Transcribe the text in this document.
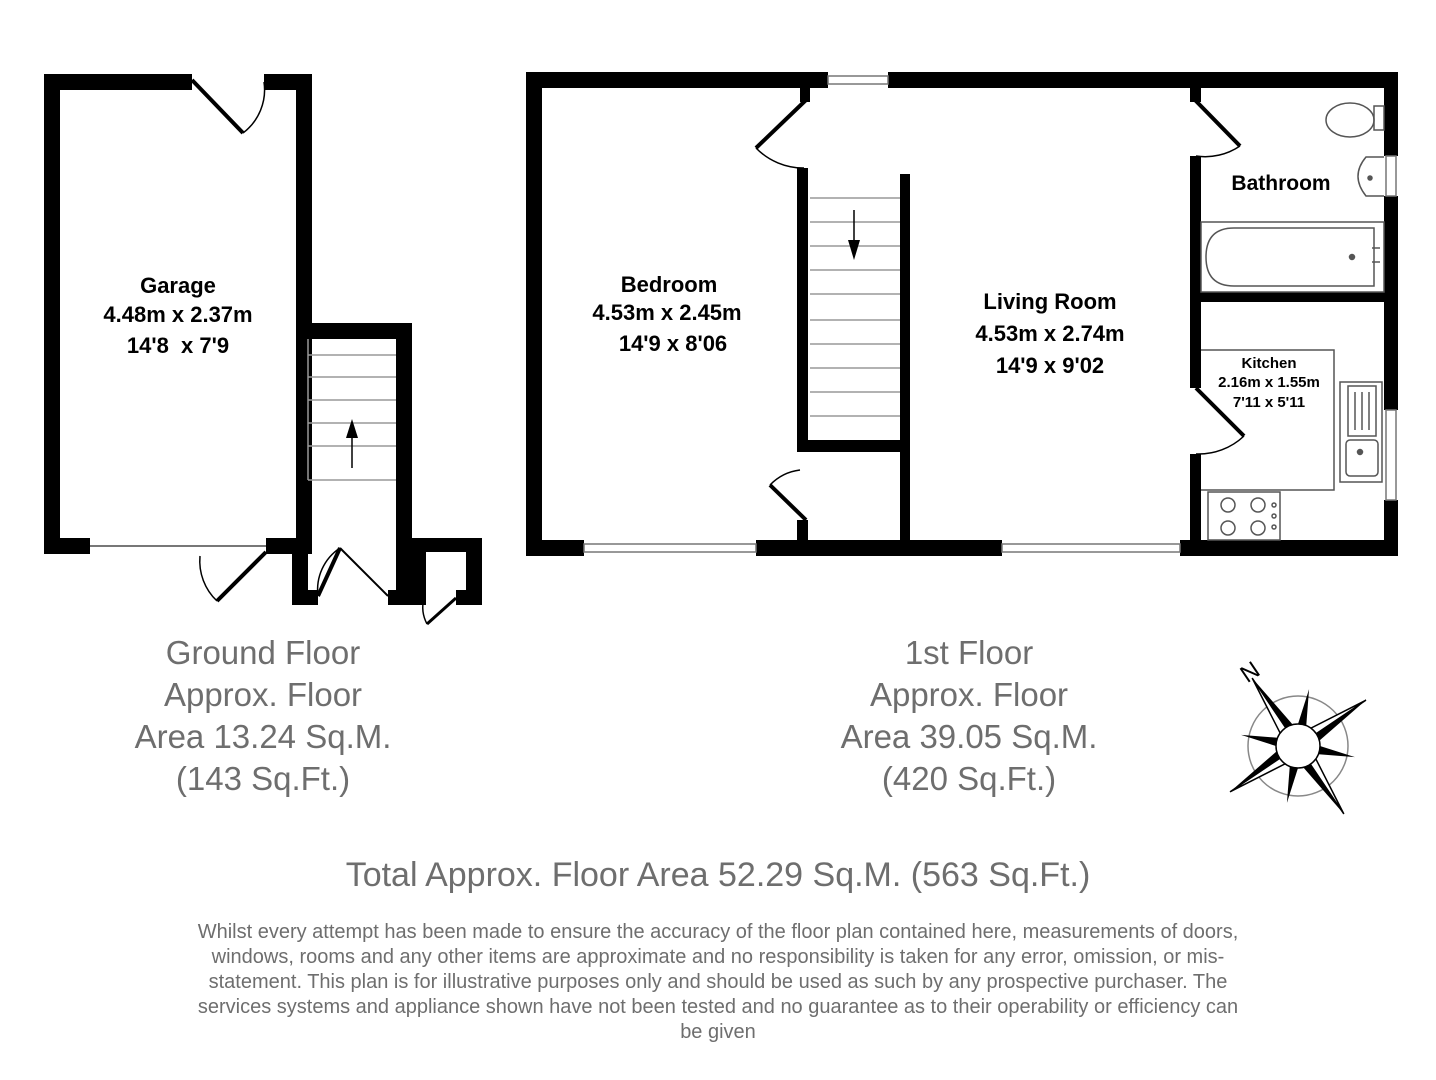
Garage
4.48m x 2.37m
14'8  x 7'9
Bedroom
4.53m x 2.45m
14'9 x 8'06
Living Room
4.53m x 2.74m
14'9 x 9'02
Bathroom
Kitchen
2.16m x 1.55m
7'11 x 5'11
N
Ground Floor
Approx. Floor
Area 13.24 Sq.M.
(143 Sq.Ft.)
1st Floor
Approx. Floor
Area 39.05 Sq.M.
(420 Sq.Ft.)
Total Approx. Floor Area 52.29 Sq.M. (563 Sq.Ft.)
Whilst every attempt has been made to ensure the accuracy of the floor plan contained here, measurements of doors, windows, rooms and any other items are approximate and no responsibility is taken for any error, omission, or mis-statement. This plan is for illustrative purposes only and should be used as such by any prospective purchaser. The services systems and appliance shown have not been tested and no guarantee as to their operability or efficiency can be given
